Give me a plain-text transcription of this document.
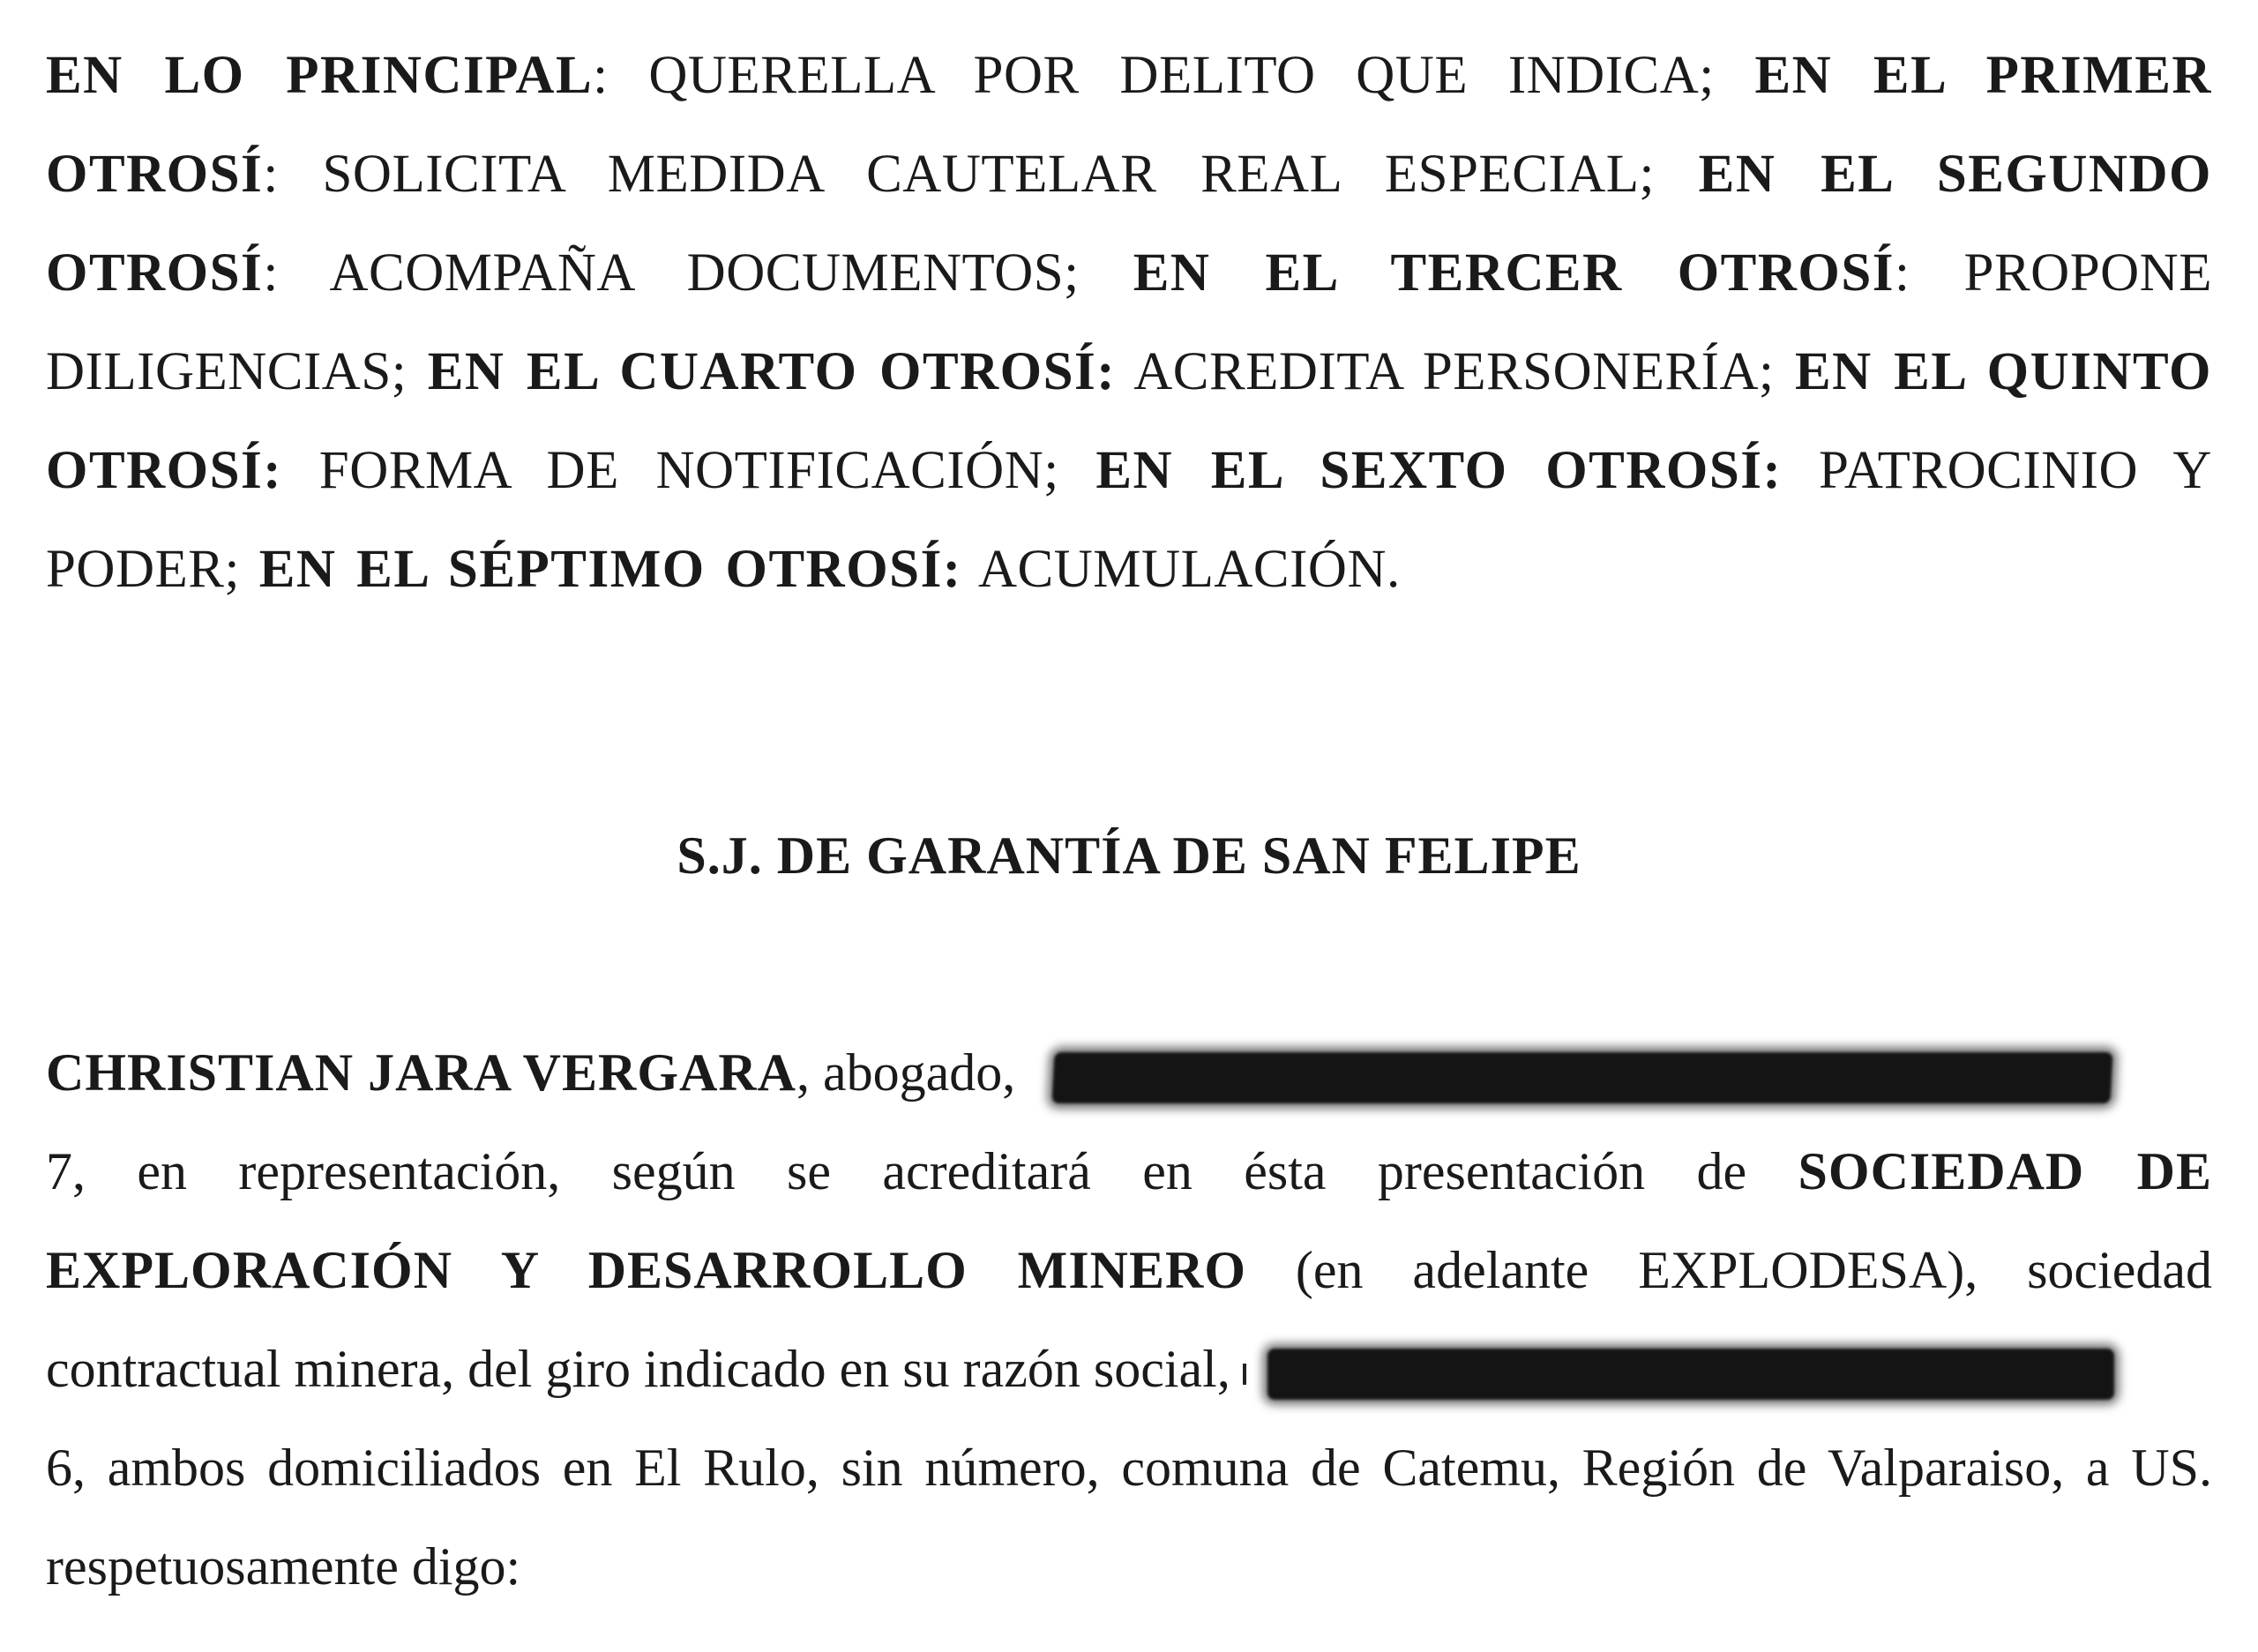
EN LO PRINCIPAL: QUERELLA POR DELITO QUE INDICA; EN EL PRIMER OTROSÍ: SOLICITA MEDIDA CAUTELAR REAL ESPECIAL; EN EL SEGUNDO OTROSÍ: ACOMPAÑA DOCUMENTOS; EN EL TERCER OTROSÍ: PROPONE DILIGENCIAS; EN EL CUARTO OTROSÍ: ACREDITA PERSONERÍA; EN EL QUINTO OTROSÍ: FORMA DE NOTIFICACIÓN; EN EL SEXTO OTROSÍ: PATROCINIO Y PODER; EN EL SÉPTIMO OTROSÍ: ACUMULACIÓN.

S.J. DE GARANTÍA DE SAN FELIPE

CHRISTIAN JARA VERGARA, abogado,
7, en representación, según se acreditará en ésta presentación de SOCIEDAD DE
EXPLORACIÓN Y DESARROLLO MINERO (en adelante EXPLODESA), sociedad
contractual minera, del giro indicado en su razón social,
6, ambos domiciliados en El Rulo, sin número, comuna de Catemu, Región de Valparaiso, a US.
respetuosamente digo:
